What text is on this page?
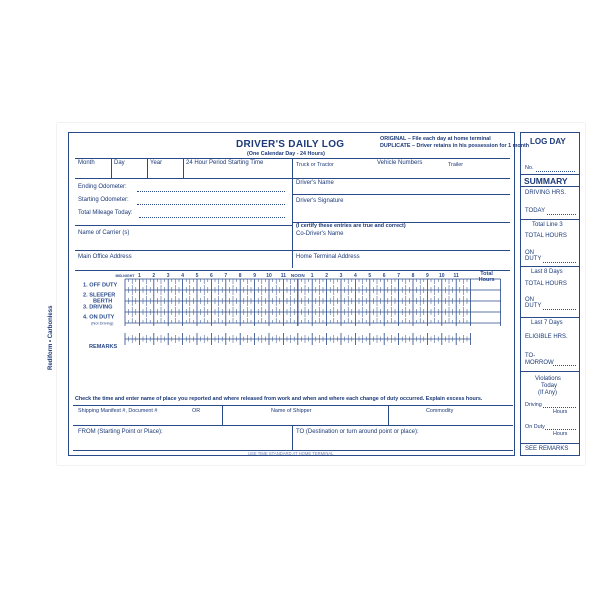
Rediform • Carbonless
DRIVER'S DAILY LOG
(One Calendar Day - 24 Hours)
ORIGINAL – File each day at home terminal
DUPLICATE – Driver retains in his possession for 1 month
Month	Day	Year	24 Hour Period Starting Time	Truck or Tractor	Vehicle Numbers	Trailer
Ending Odometer:
Starting Odometer:
Total Mileage Today:
Name of Carrier (s)
Main Office Address
Driver's Name
Driver's Signature
(I certify these entries are true and correct)
Co-Driver's Name
Home Terminal Address
Check the time and enter name of place you reported and where released from work and when and where each change of duty occurred. Explain excess hours.
Shipping Manifest #, Document #	OR	Name of Shipper	Commodity
FROM (Starting Point or Place):	TO (Destination or turn around point or place):
USE TIME STANDARD AT HOME TERMINAL
MID-NIGHT 1 2 3 4 5 6 7 8 9 10 11 NOON 1 2 3 4 5 6 7 8 9 10 11	Total
Hours
1. OFF DUTY
2. SLEEPER
BERTH
3. DRIVING
4. ON DUTY
(Not Driving)
REMARKS
LOG DAY
No.
SUMMARY
DRIVING HRS.
TODAY
Total Line 3
TOTAL HOURS
ON
DUTY
Last 8 Days
TOTAL HOURS
ON
DUTY
Last 7 Days
ELIGIBLE HRS.
TO-
MORROW
Violations
Today
(If Any)
Driving
Hours
On Duty
Hours
SEE REMARKS
